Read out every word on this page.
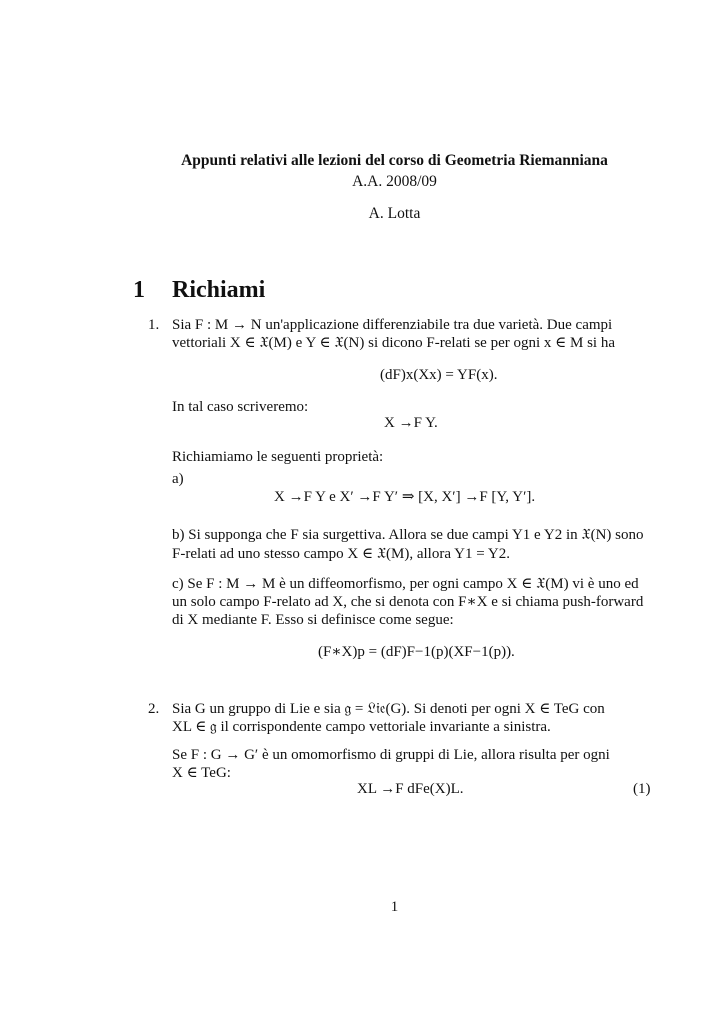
Appunti relativi alle lezioni del corso di Geometria Riemanniana
A.A. 2008/09
A. Lotta
1 Richiami
1. Sia F : M → N un'applicazione differenziabile tra due varietà. Due campi
vettoriali X ∈ 𝔛(M) e Y ∈ 𝔛(N) si dicono F-relati se per ogni x ∈ M si ha
(dF)x(Xx) = YF(x).
In tal caso scriveremo:
X →F Y.
Richiamiamo le seguenti proprietà:
a)
X →F Y e X′ →F Y′ ⇒ [X, X′] →F [Y, Y′].
b) Si supponga che F sia surgettiva. Allora se due campi Y1 e Y2 in 𝔛(N) sono
F-relati ad uno stesso campo X ∈ 𝔛(M), allora Y1 = Y2.
c) Se F : M → M è un diffeomorfismo, per ogni campo X ∈ 𝔛(M) vi è uno ed
un solo campo F-relato ad X, che si denota con F∗X e si chiama push-forward
di X mediante F. Esso si definisce come segue:
(F∗X)p = (dF)F−1(p)(XF−1(p)).
2. Sia G un gruppo di Lie e sia 𝔤 = 𝔏𝔦𝔢(G). Si denoti per ogni X ∈ TeG con
XL ∈ 𝔤 il corrispondente campo vettoriale invariante a sinistra.
Se F : G → G′ è un omomorfismo di gruppi di Lie, allora risulta per ogni
X ∈ TeG:
XL →F dFe(X)L.	(1)
1
